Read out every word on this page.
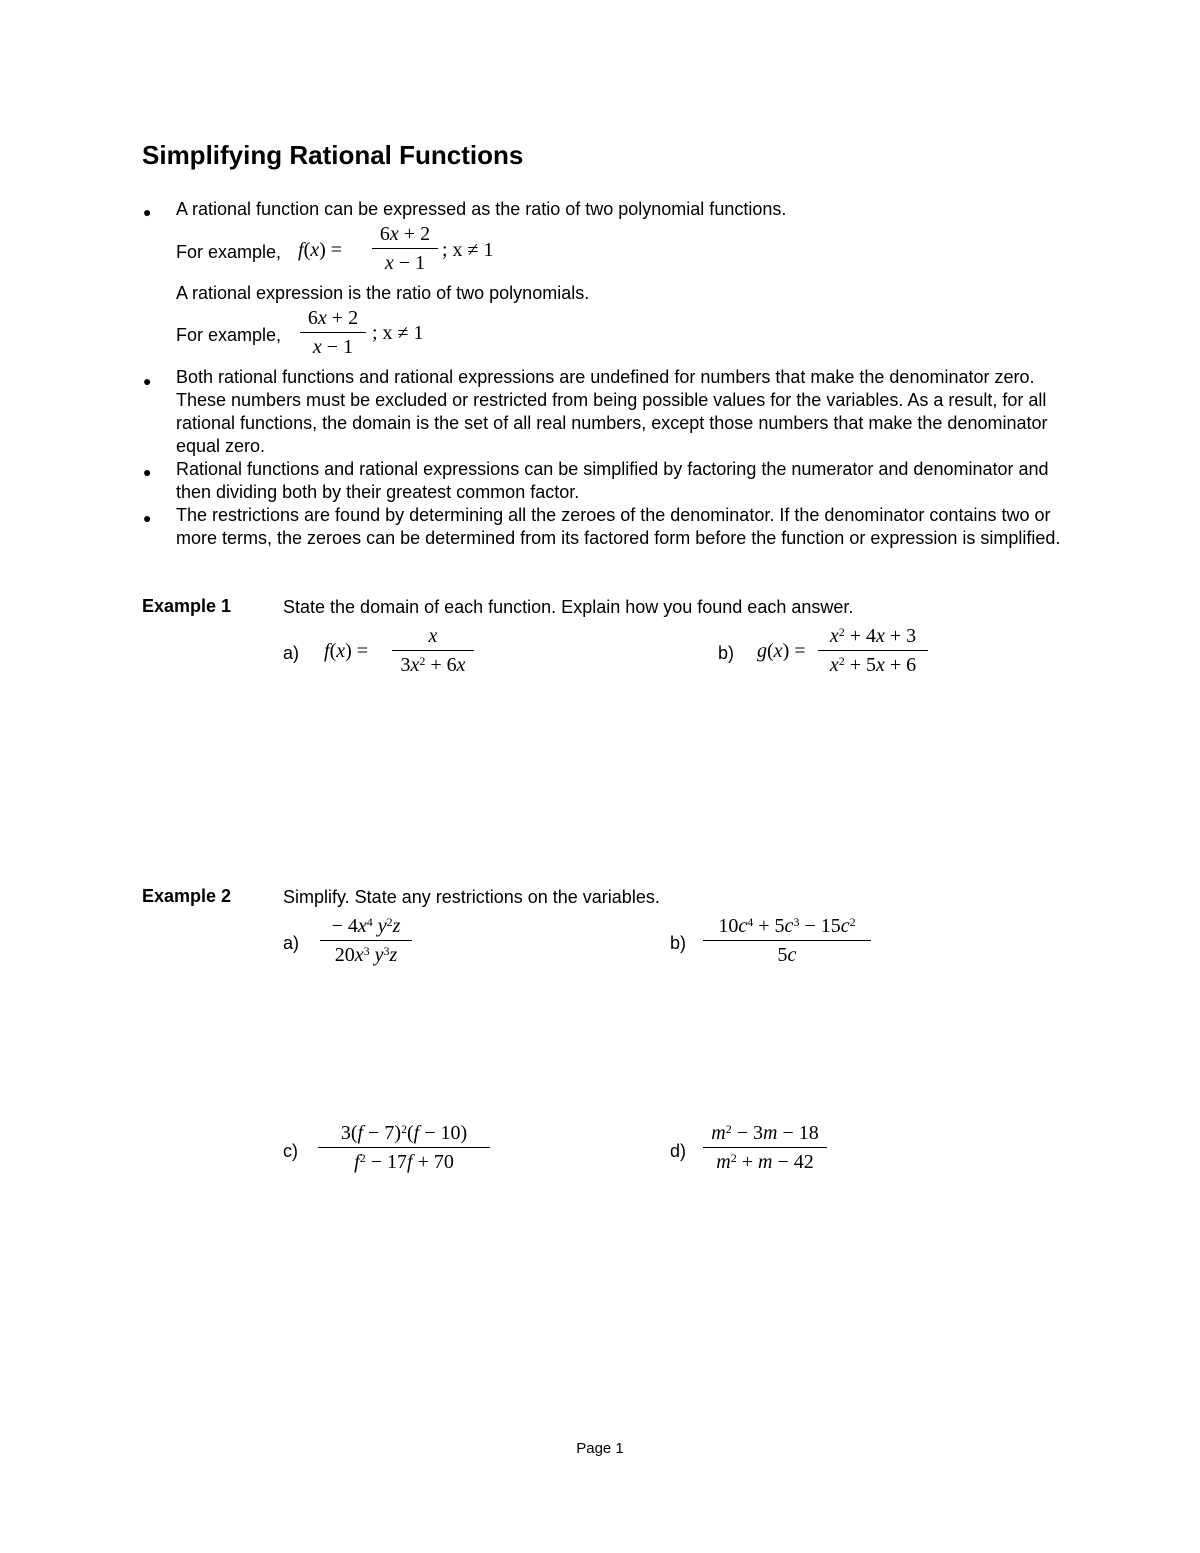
Simplifying Rational Functions
● A rational function can be expressed as the ratio of two polynomial functions.
For example, f(x) =
6x + 2
x − 1
; x ≠ 1
A rational expression is the ratio of two polynomials.
For example,
6x + 2
x − 1
; x ≠ 1
● Both rational functions and rational expressions are undefined for numbers that make the denominator zero. These numbers must be excluded or restricted from being possible values for the variables. As a result, for all rational functions, the domain is the set of all real numbers, except those numbers that make the denominator equal zero.
● Rational functions and rational expressions can be simplified by factoring the numerator and denominator and then dividing both by their greatest common factor.
● The restrictions are found by determining all the zeroes of the denominator. If the denominator contains two or more terms, the zeroes can be determined from its factored form before the function or expression is simplified.
Example 1	State the domain of each function. Explain how you found each answer.
a) f(x) =
x
$3x^2 + 6x$
b) g(x) =
$x^2 + 4x + 3$
$x^2 + 5x + 6$
Example 2	Simplify. State any restrictions on the variables.
a)
− $4x^4$ $y^2z$
$20x^3$ $y^3z$
b)
$10c^4 + 5c^3 - 15c^2$
5c
c)
$3(f - 7)^2(f - 10)$
$f^2 - 17f + 70$	d)
$m^2 - 3m - 18$
$m^2 + m - 42$
Page 1
